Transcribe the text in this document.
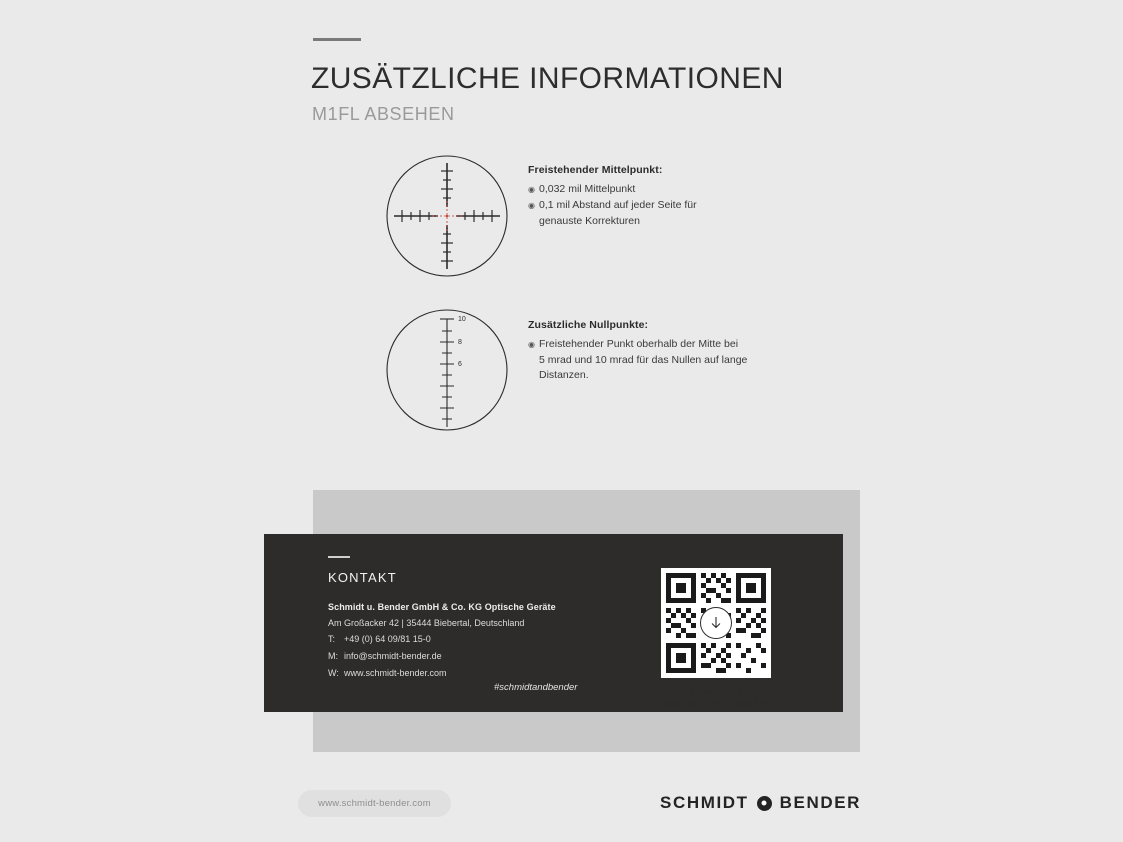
ZUSÄTZLICHE INFORMATIONEN
M1FL ABSEHEN
Freistehender Mittelpunkt:
◉ 0,032 mil Mittelpunkt
◉ 0,1 mil Abstand auf jeder Seite für
genauste Korrekturen
10
8
6
Zusätzliche Nullpunkte:
◉ Freistehender Punkt oberhalb der Mitte bei
5 mrad und 10 mrad für das Nullen auf lange
Distanzen.
KONTAKT
Schmidt u. Bender GmbH & Co. KG Optische Geräte
Am Großacker 42 | 35444 Biebertal, Deutschland
T: +49 (0) 64 09/81 15-0
M: info@schmidt-bender.de
W: www.schmidt-bender.com
#schmidtandbender	DOWNLOAD
ABSEHEN-DATENBLATT
www.schmidt-bender.com	SCHMIDT BENDER
